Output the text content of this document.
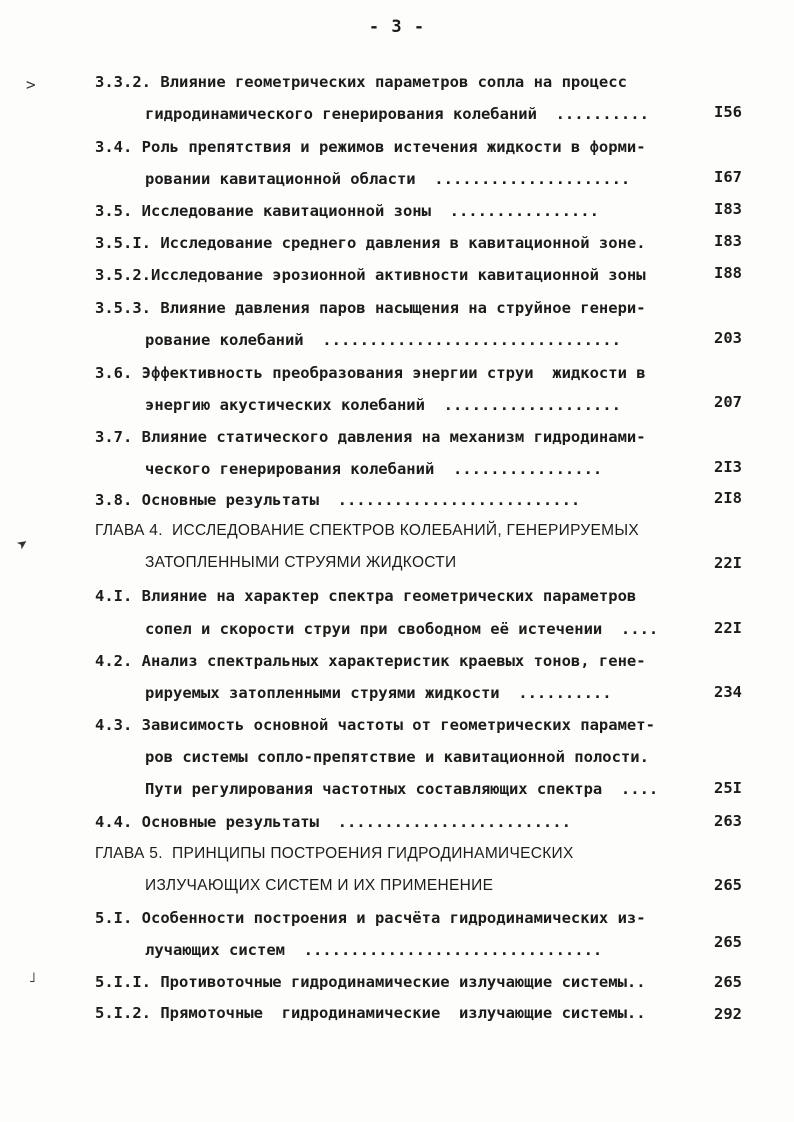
- 3 -
>
➤
˩
3.3.2. Влияние геометрических параметров сопла на процесс
гидродинамического генерирования колебаний  ..........	I56
3.4. Роль препятствия и режимов истечения жидкости в форми-
ровании кавитационной области  .....................	I67
3.5. Исследование кавитационной зоны  ................	I83
3.5.I. Исследование среднего давления в кавитационной зоне.	I83
3.5.2.Исследование эрозионной активности кавитационной зоны	I88
3.5.3. Влияние давления паров насыщения на струйное генери-
рование колебаний  ................................	203
3.6. Эффективность преобразования энергии струи  жидкости в
энергию акустических колебаний  ...................	207
3.7. Влияние статического давления на механизм гидродинами-
ческого генерирования колебаний  ................	2I3
3.8. Основные результаты  ..........................	2I8
ГЛАВА 4.  ИССЛЕДОВАНИЕ СПЕКТРОВ КОЛЕБАНИЙ, ГЕНЕРИРУЕМЫХ
ЗАТОПЛЕННЫМИ СТРУЯМИ ЖИДКОСТИ	22I
4.I. Влияние на характер спектра геометрических параметров
сопел и скорости струи при свободном её истечении  ....	22I
4.2. Анализ спектральных характеристик краевых тонов, гене-
рируемых затопленными струями жидкости  ..........	234
4.3. Зависимость основной частоты от геометрических парамет-
ров системы сопло-препятствие и кавитационной полости.
Пути регулирования частотных составляющих спектра  ....	25I
4.4. Основные результаты  .........................	263
ГЛАВА 5.  ПРИНЦИПЫ ПОСТРОЕНИЯ ГИДРОДИНАМИЧЕСКИХ
ИЗЛУЧАЮЩИХ СИСТЕМ И ИХ ПРИМЕНЕНИЕ	265
5.I. Особенности построения и расчёта гидродинамических из-
лучающих систем  ................................	265
5.I.I. Противоточные гидродинамические излучающие системы..	265
5.I.2. Прямоточные  гидродинамические  излучающие системы..	292
